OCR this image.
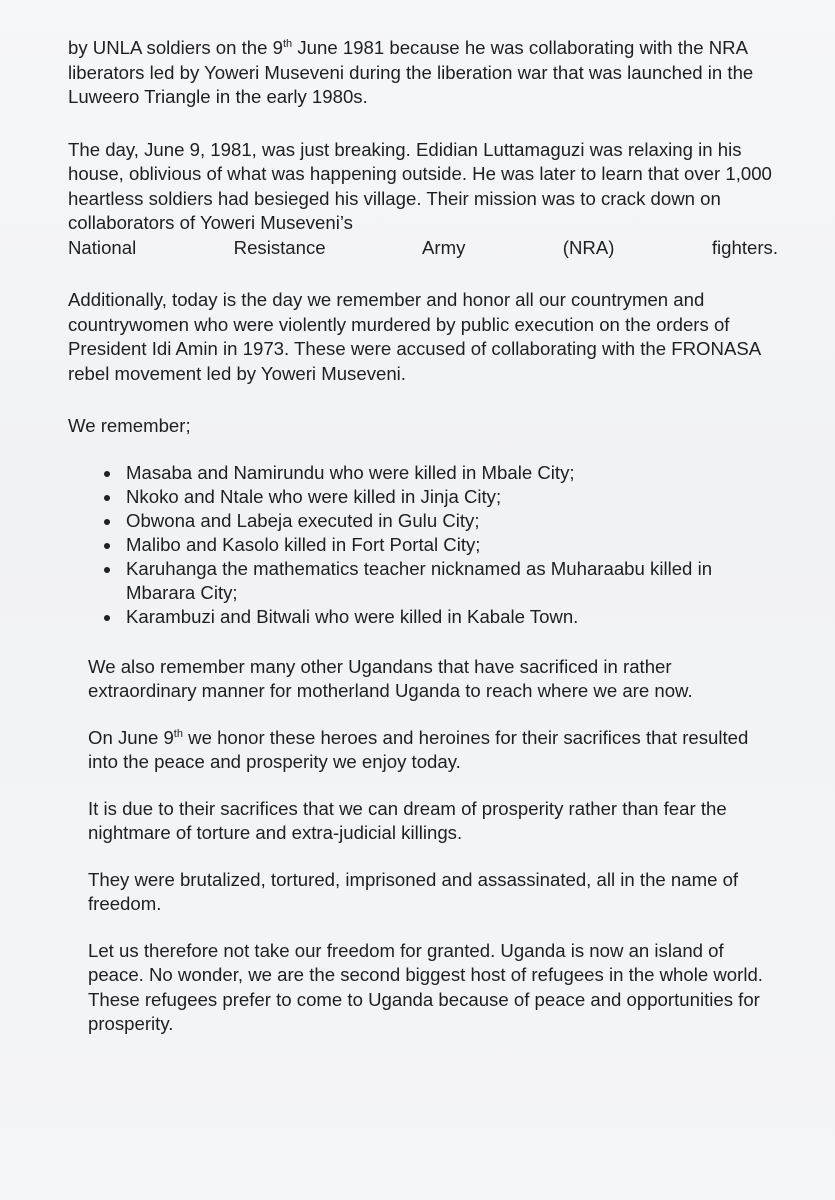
by UNLA soldiers on the 9th June 1981 because he was collaborating with the NRA liberators led by Yoweri Museveni during the liberation war that was launched in the Luweero Triangle in the early 1980s.

The day, June 9, 1981, was just breaking. Edidian Luttamaguzi was relaxing in his house, oblivious of what was happening outside. He was later to learn that over 1,000 heartless soldiers had besieged his village. Their mission was to crack down on collaborators of Yoweri Museveni’s

National Resistance Army (NRA) fighters.

Additionally, today is the day we remember and honor all our countrymen and countrywomen who were violently murdered by public execution on the orders of President Idi Amin in 1973. These were accused of collaborating with the FRONASA rebel movement led by Yoweri Museveni.

We remember;

Masaba and Namirundu who were killed in Mbale City;
Nkoko and Ntale who were killed in Jinja City;
Obwona and Labeja executed in Gulu City;
Malibo and Kasolo killed in Fort Portal City;
Karuhanga the mathematics teacher nicknamed as Muharaabu killed in Mbarara City;
Karambuzi and Bitwali who were killed in Kabale Town.

We also remember many other Ugandans that have sacrificed in rather extraordinary manner for motherland Uganda to reach where we are now.

On June 9th we honor these heroes and heroines for their sacrifices that resulted into the peace and prosperity we enjoy today.

It is due to their sacrifices that we can dream of prosperity rather than fear the nightmare of torture and extra-judicial killings.

They were brutalized, tortured, imprisoned and assassinated, all in the name of freedom.

Let us therefore not take our freedom for granted. Uganda is now an island of peace. No wonder, we are the second biggest host of refugees in the whole world. These refugees prefer to come to Uganda because of peace and opportunities for prosperity.
